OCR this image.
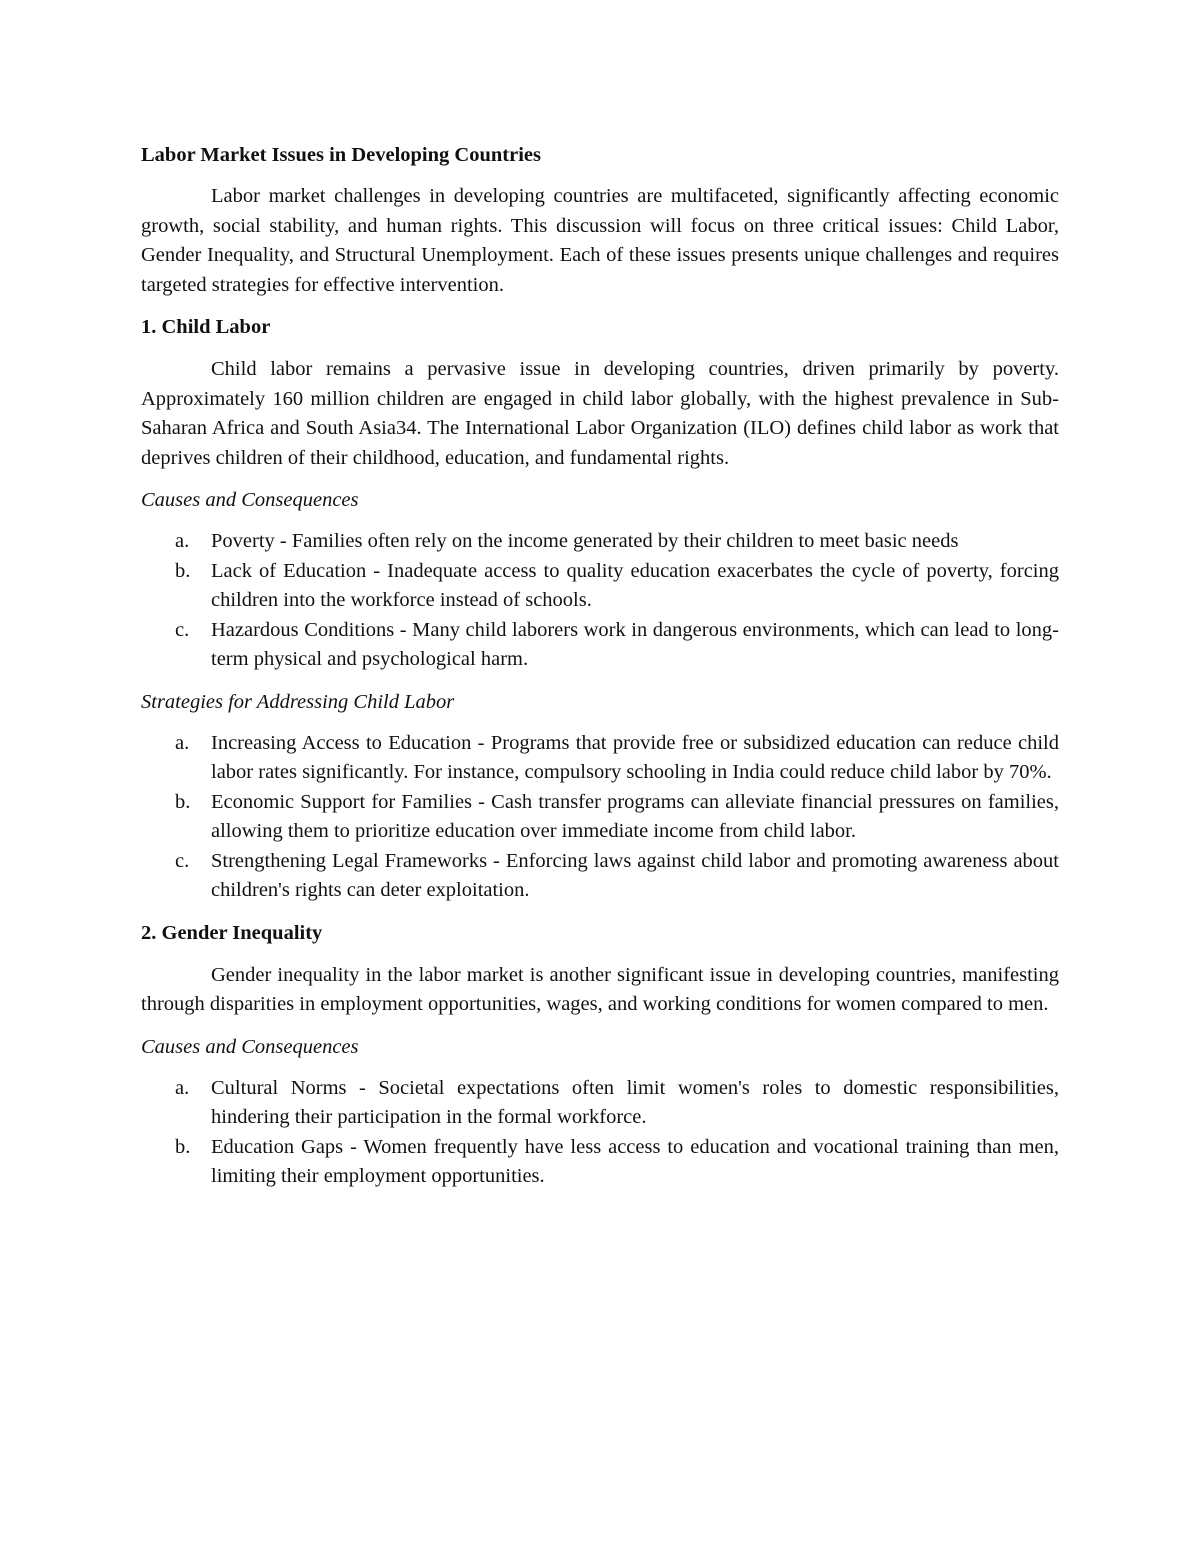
Labor Market Issues in Developing Countries

Labor market challenges in developing countries are multifaceted, significantly affecting economic growth, social stability, and human rights. This discussion will focus on three critical issues: Child Labor, Gender Inequality, and Structural Unemployment. Each of these issues presents unique challenges and requires targeted strategies for effective intervention.

1. Child Labor

Child labor remains a pervasive issue in developing countries, driven primarily by poverty. Approximately 160 million children are engaged in child labor globally, with the highest prevalence in Sub-Saharan Africa and South Asia34. The International Labor Organization (ILO) defines child labor as work that deprives children of their childhood, education, and fundamental rights.

Causes and Consequences
a. Poverty - Families often rely on the income generated by their children to meet basic needs
b. Lack of Education - Inadequate access to quality education exacerbates the cycle of poverty, forcing children into the workforce instead of schools.
c. Hazardous Conditions - Many child laborers work in dangerous environments, which can lead to long-term physical and psychological harm.
Strategies for Addressing Child Labor
a. Increasing Access to Education - Programs that provide free or subsidized education can reduce child labor rates significantly. For instance, compulsory schooling in India could reduce child labor by 70%.
b. Economic Support for Families - Cash transfer programs can alleviate financial pressures on families, allowing them to prioritize education over immediate income from child labor.
c. Strengthening Legal Frameworks - Enforcing laws against child labor and promoting awareness about children's rights can deter exploitation.
2. Gender Inequality

Gender inequality in the labor market is another significant issue in developing countries, manifesting through disparities in employment opportunities, wages, and working conditions for women compared to men.

Causes and Consequences
a. Cultural Norms - Societal expectations often limit women's roles to domestic responsibilities, hindering their participation in the formal workforce.
b. Education Gaps - Women frequently have less access to education and vocational training than men, limiting their employment opportunities.
